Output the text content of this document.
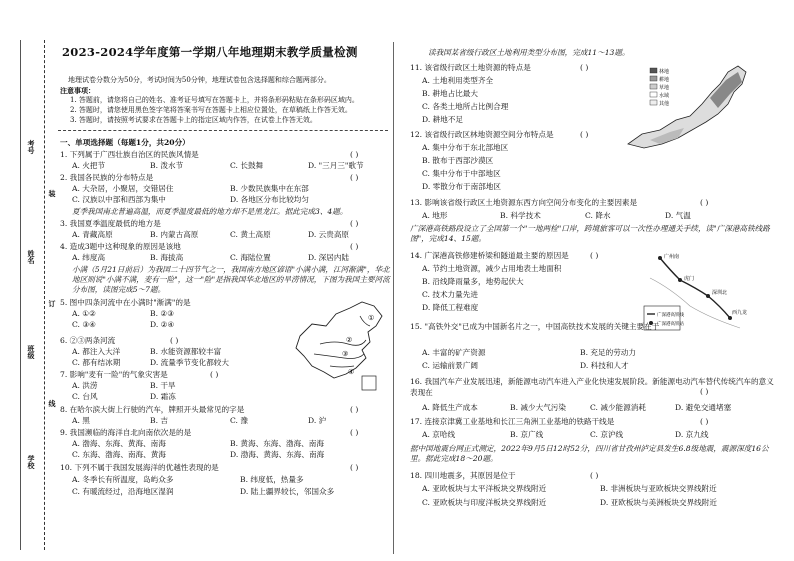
考号
姓名
班级
学校
装
订
线
2023-2024学年度第一学期八年地理期末教学质量检测
地理试卷分数分为50分，考试时间为50分钟，地理试卷包含选择题和综合题两部分。
注意事项：
1. 答题前，请您将自己的姓名、准考证号填写在答题卡上，并将条形码粘贴在条形码区域内。
2. 答题时，请您使用黑色签字笔将答案书写在答题卡上相应位置处，在草稿纸上作答无效。
3. 答题时，请按照考试要求在答题卡上的指定区域内作答，在试卷上作答无效。
一、单项选择题（每题1分，共20分）
1. 下列属于广西壮族自治区的民族风情是	( )
A. 火把节	B. 泼水节	C. 长鼓舞	D. "三月三"歌节
2. 我国各民族的分布特点是	( )
A. 大杂居，小聚居，交错居住	B. 少数民族集中在东部
C. 汉族以中部和西部为集中	D. 各地区分布比较均匀
夏季我国南北普遍高温，而夏季温度最低的地方却不是黑龙江。据此完成3、4题。
3. 我国夏季温度最低的地方是	( )
A. 青藏高原	B. 内蒙古高原	C. 黄土高原	D. 云贵高原
4. 造成3题中这种现象的原因是该地	( )
A. 纬度高	B. 海拔高	C. 海陆位置	D. 深居内陆
小满（5月21日前后）为我国二十四节气之一，我国南方地区谚语"小满小满，江河渐满"，华北地区则说"小满不满，麦有一险"，这一"险"是指我国华北地区的旱涝情况，下图为我国主要河流分布图，读图完成5～7题。
5. 图中四条河流中在小满时"渐满"的是
A. ①②	B. ②③
C. ③④	D. ②④
6. ②③两条河流	( )
A. 都注入大洋	B. 水能资源都较丰富
C. 都有结冰期	D. 流量季节变化都较大
7. 影响"麦有一险"的气象灾害是	( )
A. 洪涝	B. 干旱
C. 台风	D. 霜冻
8. 在哈尔滨大街上行驶的汽车，牌照开头最常见的字是	( )
A. 黑	B. 吉	C. 豫	D. 沪
9. 我国濒临的海洋自北向南依次是的是	( )
A. 渤海、东海、黄海、南海	B. 黄海、东海、渤海、南海
C. 东海、渤海、南海、黄海	D. 渤海、黄海、东海、南海
10. 下列不属于我国发展海洋的优越性表现的是	( )
A. 冬季长有所温度，岛屿众多	B. 纬度低，热量多
C. 有暖流经过，沿海地区湿润	D. 陆上疆界较长，邻国众多
①
②
③
④
读我国某省级行政区土地利用类型分布图，完成11～13题。
11. 该省级行政区土地资源的特点是	( )
A. 土地利用类型齐全
B. 耕地占比最大
C. 各类土地所占比例合理
D. 耕地不足
12. 该省级行政区林地资源空间分布特点是	( )
A. 集中分布于东北部地区
B. 散布于西部沙漠区
C. 集中分布于中部地区
D. 零散分布于南部地区
林地
耕地
草地
水域
其他
13. 影响该省级行政区土地资源东西方向空间分布变化的主要因素是	( )
A. 地形	B. 科学技术	C. 降水	D. 气温
广深港高铁路段设立了全国第一个"一地两检"口岸，跨境旅客可以一次性办理通关手续，读"广深港高铁线路图"，完成14、15题。
14. 广深港高铁修建桥梁和隧道最主要的原因是	( )
A. 节约土地资源，减少占用地表土地面积
B. 沿线降雨量多，地势起伏大
C. 技术力量先进
D. 降低工程难度
广州南
虎门
深圳北
西九龙
广深港高铁线
广深港高铁站
15. "高铁外交"已成为中国新名片之一，中国高铁技术发展的关键主要在于
A. 丰富的矿产资源	B. 充足的劳动力
C. 运输前景广阔	D. 科技和人才
16. 我国汽车产业发展迅速，新能源电动汽车进入产业化快速发展阶段。新能源电动汽车替代传统汽车的意义表现在	( )
A. 降低生产成本	B. 减少大气污染	C. 减少能源消耗	D. 避免交通堵塞
17. 连接京津冀工业基地和长江三角洲工业基地的铁路干线是	( )
A. 京哈线	B. 京广线	C. 京沪线	D. 京九线
据中国地震台网正式测定，2022年9月5日12时52分，四川省甘孜州泸定县发生6.8级地震，震源深度16公里。据此完成18～20题。
18. 四川地震多，其原因是位于	( )
A. 亚欧板块与太平洋板块交界线附近	B. 非洲板块与亚欧板块交界线附近
C. 亚欧板块与印度洋板块交界线附近	D. 亚欧板块与美洲板块交界线附近
